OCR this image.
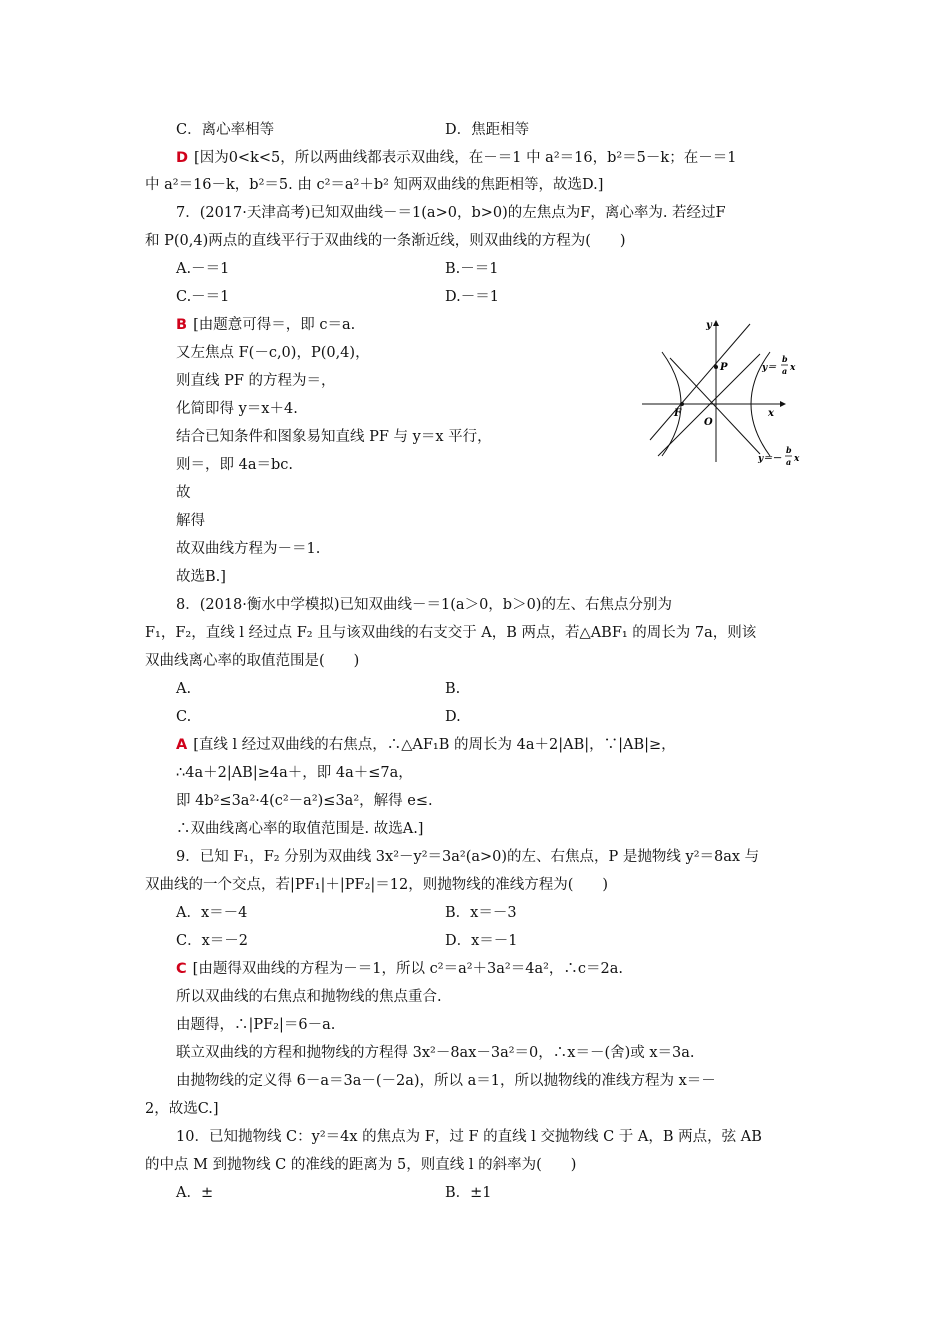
C．离心率相等	D．焦距相等
D [因为0<k<5，所以两曲线都表示双曲线，在－＝1 中 a²＝16，b²＝5－k；在－＝1
中 a²＝16－k，b²＝5. 由 c²＝a²＋b² 知两双曲线的焦距相等，故选D.]
7．(2017·天津高考)已知双曲线－＝1(a>0，b>0)的左焦点为F，离心率为. 若经过F
和 P(0,4)两点的直线平行于双曲线的一条渐近线，则双曲线的方程为(　　)
A.－＝1	B.－＝1
C.－＝1	D.－＝1
B [由题意可得＝，即 c＝a.
又左焦点 F(－c,0)，P(0,4)，
则直线 PF 的方程为＝，
化简即得 y＝x＋4.
结合已知条件和图象易知直线 PF 与 y＝x 平行，
则＝，即 4a＝bc.
故
解得
故双曲线方程为－＝1.
故选B.]
8．(2018·衡水中学模拟)已知双曲线－＝1(a＞0，b＞0)的左、右焦点分别为
F₁，F₂，直线 l 经过点 F₂ 且与该双曲线的右支交于 A，B 两点，若△ABF₁ 的周长为 7a，则该
双曲线离心率的取值范围是(　　)
A.	B.
C.	D.
A [直线 l 经过双曲线的右焦点，∴△AF₁B 的周长为 4a＋2|AB|，∵|AB|≥，
∴4a＋2|AB|≥4a＋，即 4a＋≤7a，
即 4b²≤3a²·4(c²－a²)≤3a²，解得 e≤.
∴双曲线离心率的取值范围是. 故选A.]
9．已知 F₁，F₂ 分别为双曲线 3x²－y²＝3a²(a>0)的左、右焦点，P 是抛物线 y²＝8ax 与
双曲线的一个交点，若|PF₁|＋|PF₂|＝12，则抛物线的准线方程为(　　)
A．x＝－4	B．x＝－3
C．x＝－2	D．x＝－1
C [由题得双曲线的方程为－＝1，所以 c²＝a²＋3a²＝4a²，∴c＝2a.
所以双曲线的右焦点和抛物线的焦点重合.
由题得，∴|PF₂|＝6－a.
联立双曲线的方程和抛物线的方程得 3x²－8ax－3a²＝0，∴x＝－(舍)或 x＝3a.
由抛物线的定义得 6－a＝3a－(－2a)，所以 a＝1，所以抛物线的准线方程为 x＝－
2，故选C.]
10．已知抛物线 C：y²＝4x 的焦点为 F，过 F 的直线 l 交抛物线 C 于 A，B 两点，弦 AB
的中点 M 到抛物线 C 的准线的距离为 5，则直线 l 的斜率为(　　)
A．±	B．±1
y
x
O
F
P	y＝
b
a x
y＝－
b
a x
